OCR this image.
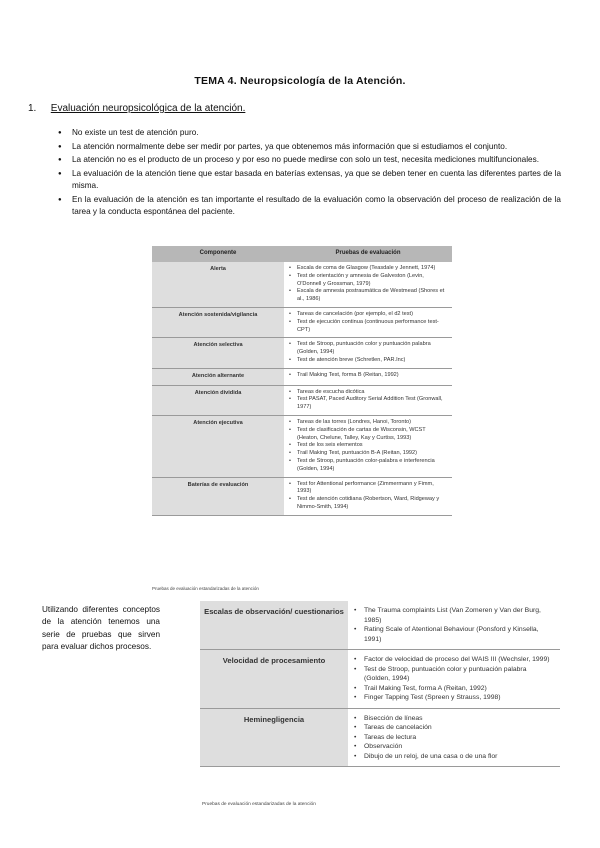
TEMA 4. Neuropsicología de la Atención.
1. Evaluación neuropsicológica de la atención.
● No existe un test de atención puro.
● La atención normalmente debe ser medir por partes, ya que obtenemos más información que si estudiamos el conjunto.
● La atención no es el producto de un proceso y por eso no puede medirse con solo un test, necesita mediciones multifuncionales.
● La evaluación de la atención tiene que estar basada en baterías extensas, ya que se deben tener en cuenta las diferentes partes de la misma.
● En la evaluación de la atención es tan importante el resultado de la evaluación como la observación del proceso de realización de la tarea y la conducta espontánea del paciente.
Componente	Pruebas de evaluación
Alerta	• Escala de coma de Glasgow (Teasdale y Jennett, 1974)
• Test de orientación y amnesia de Galveston (Levin, O'Donnell y Grossman, 1979)
• Escala de amnesia postraumática de Westmead (Shores et al., 1986)
Atención sostenida/vigilancia	• Tareas de cancelación (por ejemplo, el d2 test)
• Test de ejecución continua (continuous performance test-CPT)
Atención selectiva	• Test de Stroop, puntuación color y puntuación palabra (Golden, 1994)
• Test de atención breve (Schretlen, PAR.Inc)
Atención alternante	• Trail Making Test, forma B (Reitan, 1992)
Atención dividida	• Tareas de escucha dicótica
• Test PASAT, Paced Auditory Serial Addition Test (Gronwall, 1977)
Atención ejecutiva	• Tareas de las torres (Londres, Hanoi, Toronto)
• Test de clasificación de cartas de Wisconsin, WCST (Heaton, Chelune, Talley, Kay y Curtiss, 1993)
• Test de los seis elementos
• Trail Making Test, puntuación B-A (Reitan, 1992)
• Test de Stroop, puntuación color-palabra e interferencia (Golden, 1994)
Baterías de evaluación	• Test for Attentional performance (Zimmermann y Fimm, 1993)
• Test de atención cotidiana (Robertson, Ward, Ridgeway y Nimmo-Smith, 1994)
Pruebas de evaluación estandarizadas de la atención
Utilizando diferentes conceptos de la atención tenemos una serie de pruebas que sirven para evaluar dichos procesos.
Escalas de observación/ cuestionarios	• The Trauma complaints List (Van Zomeren y Van der Burg, 1985)
• Rating Scale of Atentional Behaviour (Ponsford y Kinsella, 1991)
Velocidad de procesamiento	• Factor de velocidad de proceso del WAIS III (Wechsler, 1999)
• Test de Stroop, puntuación color y puntuación palabra (Golden, 1994)
• Trail Making Test, forma A (Reitan, 1992)
• Finger Tapping Test (Spreen y Strauss, 1998)
Heminegligencia	• Bisección de líneas
• Tareas de cancelación
• Tareas de lectura
• Observación
• Dibujo de un reloj, de una casa o de una flor
Pruebas de evaluación estandarizadas de la atención
